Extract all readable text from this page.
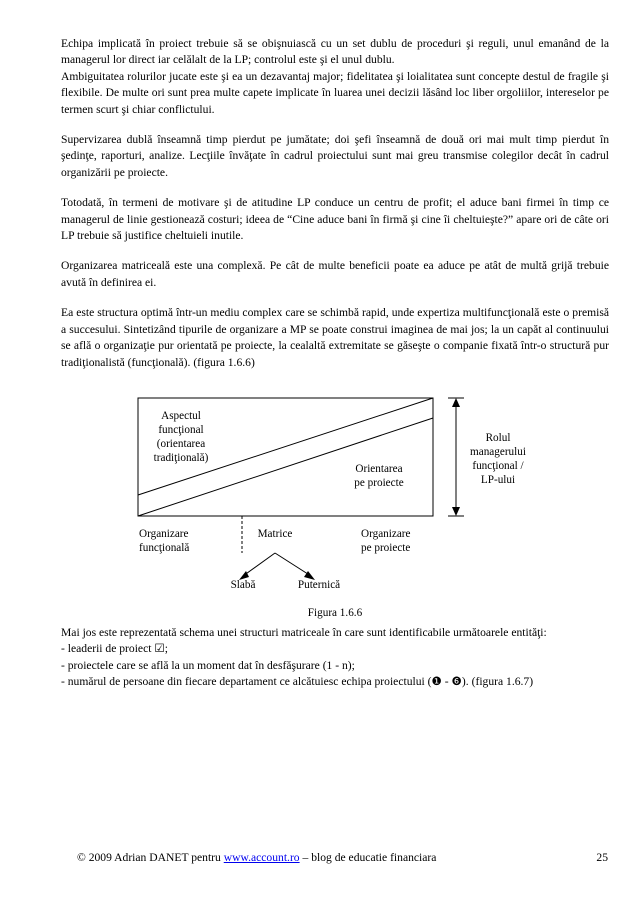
Echipa implicată în proiect trebuie să se obişnuiască cu un set dublu de proceduri şi reguli, unul emanând de la managerul lor direct iar celălalt de la LP; controlul este şi el unul dublu.

Ambiguitatea rolurilor jucate este şi ea un dezavantaj major; fidelitatea şi loialitatea sunt concepte destul de fragile şi flexibile. De multe ori sunt prea multe capete implicate în luarea unei decizii lăsând loc liber orgoliilor, intereselor pe termen scurt şi chiar conflictului.

Supervizarea dublă înseamnă timp pierdut pe jumătate; doi şefi înseamnă de două ori mai mult timp pierdut în şedinţe, raporturi, analize. Lecţiile învăţate în cadrul proiectului sunt mai greu transmise colegilor decât în cadrul organizării pe proiecte.

Totodată, în termeni de motivare şi de atitudine LP conduce un centru de profit; el aduce bani firmei în timp ce managerul de linie gestionează costuri; ideea de “Cine aduce bani în firmă şi cine îi cheltuieşte?” apare ori de câte ori LP trebuie să justifice cheltuieli inutile.

Organizarea matriceală este una complexă. Pe cât de multe beneficii poate ea aduce pe atât de multă grijă trebuie avută în definirea ei.

Ea este structura optimă într-un mediu complex care se schimbă rapid, unde expertiza multifuncţională este o premisă a succesului. Sintetizând tipurile de organizare a MP se poate construi imaginea de mai jos; la un capăt al continuului se află o organizaţie pur orientată pe proiecte, la cealaltă extremitate se găseşte o companie fixată într-o structură pur tradiţionalistă (funcţională). (figura 1.6.6)

Aspectul
funcţional
(orientarea
tradiţională)
Orientarea
pe proiecte
Rolul
managerului
funcţional /
LP-ului
Organizare
funcţională
Matrice	Organizare
pe proiecte
Slabă	Puternică
Figura 1.6.6
Mai jos este reprezentată schema unei structuri matriceale în care sunt identificabile următoarele entităţi:
- leaderii de proiect ☑;
- proiectele care se află la un moment dat în desfăşurare (1 - n);
- numărul de persoane din fiecare departament ce alcătuiesc echipa proiectului (❶ - ❻). (figura 1.6.7)
© 2009 Adrian DANET pentru www.account.ro – blog de educatie financiara	25
